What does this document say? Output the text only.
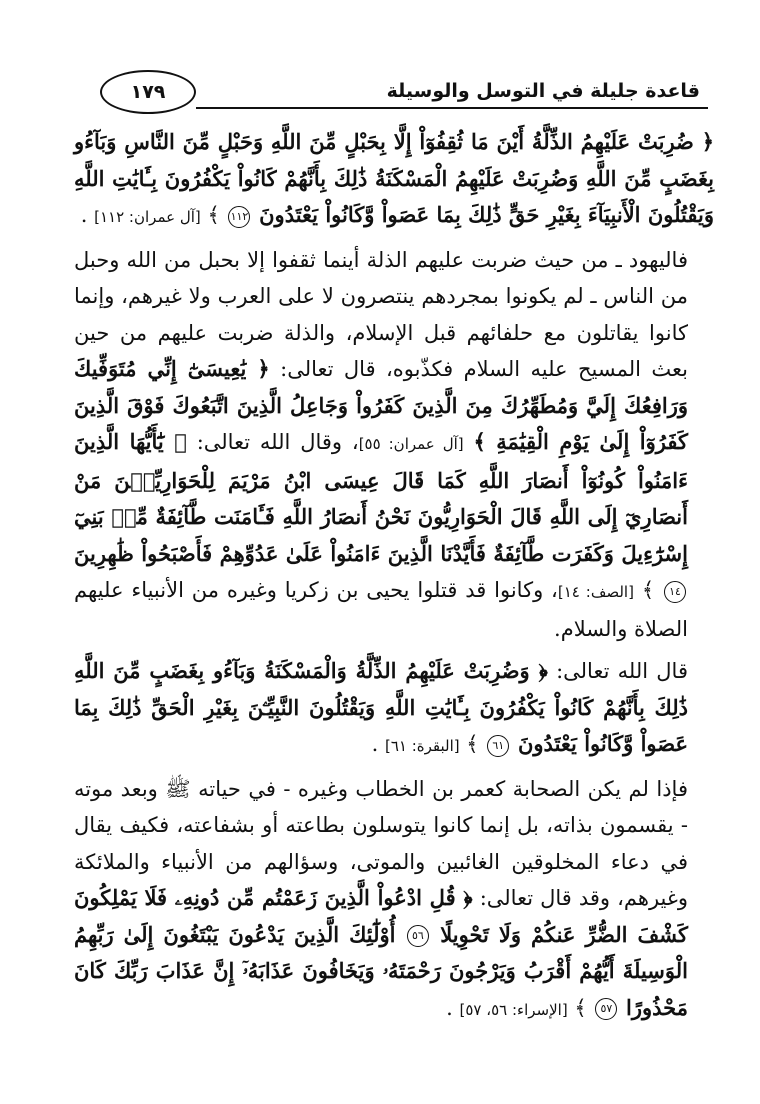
١٧٩	قاعدة جليلة في التوسل والوسيلة

﴿ ضُرِبَتْ عَلَيْهِمُ الذِّلَّةُ أَيْنَ مَا ثُقِفُوٓاْ إِلَّا بِحَبْلٍ مِّنَ اللَّهِ وَحَبْلٍ مِّنَ النَّاسِ وَبَآءُو بِغَضَبٍ مِّنَ اللَّهِ وَضُرِبَتْ عَلَيْهِمُ الْمَسْكَنَةُ ذَٰلِكَ بِأَنَّهُمْ كَانُواْ يَكْفُرُونَ بِـَٔايَٰتِ اللَّهِ وَيَقْتُلُونَ الْأَنبِيَآءَ بِغَيْرِ حَقٍّ ذَٰلِكَ بِمَا عَصَواْ وَّكَانُواْ يَعْتَدُونَ ١١٢ ﴾ [آل عمران: ١١٢] .

فاليهود ـ من حيث ضربت عليهم الذلة أينما ثقفوا إلا بحبل من الله وحبل من الناس ـ لم يكونوا بمجردهم ينتصرون لا على العرب ولا غيرهم، وإنما كانوا يقاتلون مع حلفائهم قبل الإسلام، والذلة ضربت عليهم من حين بعث المسيح عليه السلام فكذّبوه، قال تعالى: ﴿ يَٰعِيسَىٰٓ إِنِّي مُتَوَفِّيكَ وَرَافِعُكَ إِلَيَّ وَمُطَهِّرُكَ مِنَ الَّذِينَ كَفَرُواْ وَجَاعِلُ الَّذِينَ اتَّبَعُوكَ فَوْقَ الَّذِينَ كَفَرُوٓاْ إِلَىٰ يَوْمِ الْقِيَٰمَةِ ﴾ [آل عمران: ٥٥]، وقال الله تعالى: ﴿ يَٰٓأَيُّهَا الَّذِينَ ءَامَنُواْ كُونُوٓاْ أَنصَارَ اللَّهِ كَمَا قَالَ عِيسَى ابْنُ مَرْيَمَ لِلْحَوَارِيِّـۧنَ مَنْ أَنصَارِيٓ إِلَى اللَّهِ قَالَ الْحَوَارِيُّونَ نَحْنُ أَنصَارُ اللَّهِ فَـَٔامَنَت طَّآئِفَةٌ مِّنۢ بَنِيٓ إِسْرَٰٓءِيلَ وَكَفَرَت طَّآئِفَةٌ فَأَيَّدْنَا الَّذِينَ ءَامَنُواْ عَلَىٰ عَدُوِّهِمْ فَأَصْبَحُواْ ظَٰهِرِينَ ١٤ ﴾ [الصف: ١٤]، وكانوا قد قتلوا يحيى بن زكريا وغيره من الأنبياء عليهم الصلاة والسلام.

قال الله تعالى: ﴿ وَضُرِبَتْ عَلَيْهِمُ الذِّلَّةُ وَالْمَسْكَنَةُ وَبَآءُو بِغَضَبٍ مِّنَ اللَّهِ ذَٰلِكَ بِأَنَّهُمْ كَانُواْ يَكْفُرُونَ بِـَٔايَٰتِ اللَّهِ وَيَقْتُلُونَ النَّبِيِّـۧنَ بِغَيْرِ الْحَقِّ ذَٰلِكَ بِمَا عَصَواْ وَّكَانُواْ يَعْتَدُونَ ٦١ ﴾ [البقرة: ٦١] .

فإذا لم يكن الصحابة كعمر بن الخطاب وغيره - في حياته ﷺ وبعد موته - يقسمون بذاته، بل إنما كانوا يتوسلون بطاعته أو بشفاعته، فكيف يقال في دعاء المخلوقين الغائبين والموتى، وسؤالهم من الأنبياء والملائكة وغيرهم، وقد قال تعالى: ﴿ قُلِ ادْعُواْ الَّذِينَ زَعَمْتُم مِّن دُونِهِۦ فَلَا يَمْلِكُونَ كَشْفَ الضُّرِّ عَنكُمْ وَلَا تَحْوِيلًا ٥٦ أُوْلَٰٓئِكَ الَّذِينَ يَدْعُونَ يَبْتَغُونَ إِلَىٰ رَبِّهِمُ الْوَسِيلَةَ أَيُّهُمْ أَقْرَبُ وَيَرْجُونَ رَحْمَتَهُۥ وَيَخَافُونَ عَذَابَهُۥٓ إِنَّ عَذَابَ رَبِّكَ كَانَ مَحْذُورًا ٥٧ ﴾ [الإسراء: ٥٦، ٥٧] .
